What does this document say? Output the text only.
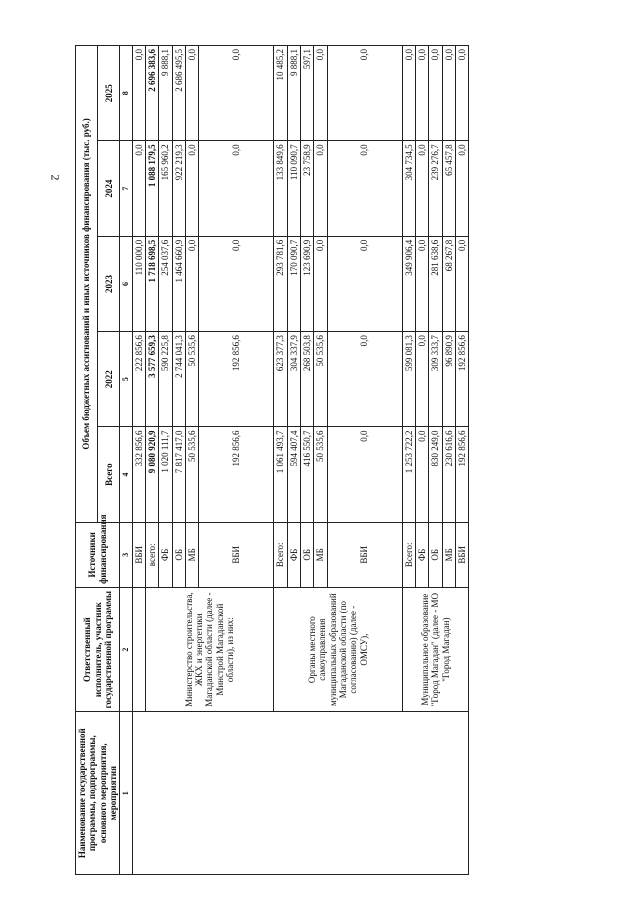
2
Наименование государственной программы, подпрограммы, основного мероприятия, мероприятия	Ответственный исполнитель, участник государственной программы	Источники финансирования	Объем бюджетных ассигнований и иных источников финансирования (тыс. руб.)				
			Всего	2022	2023	2024	2025
1	2	3	4	5	6	7	8
		ВБИ	332 856,6	222 856,6	110 000,0	0,0	0,0
	Министерство строительства, ЖКХ и энергетики Магаданской области (далее - Минстрой Магаданской области), из них:	всего:	9 080 920,9	3 577 659,3	1 718 698,5	1 088 179,5	2 696 383,6
		ФБ	1 020 111,7	590 225,8	254 037,6	165 960,2	9 888,1
		ОБ	7 817 417,0	2 744 041,3	1 464 660,9	922 219,3	2 686 495,5
		МБ	50 535,6	50 535,6	0,0	0,0	0,0
		ВБИ	192 856,6	192 856,6	0,0	0,0	0,0
	Органы местного самоуправления муниципальных образований Магаданской области (по согласованию) (далее - ОМСУ),	Всего:	1 061 493,7	623 377,3	293 781,6	133 849,6	10 485,2
		ФБ	594 407,4	304 337,9	170 090,7	110 090,7	9 888,1
		ОБ	416 550,7	268 503,8	123 690,9	23 758,9	597,1
		МБ	50 535,6	50 535,6	0,0	0,0	0,0
		ВБИ	0,0	0,0	0,0	0,0	0,0
	Муниципальное образование "Город Магадан" (далее - МО "Город Магадан)	Всего:	1 253 722,2	599 081,3	349 906,4	304 734,5	0,0
		ФБ	0,0	0,0	0,0	0,0	0,0
		ОБ	830 249,0	309 333,7	281 638,6	239 276,7	0,0
		МБ	230 616,6	96 890,9	68 267,8	65 457,8	0,0
		ВБИ	192 856,6	192 856,6	0,0	0,0	0,0
